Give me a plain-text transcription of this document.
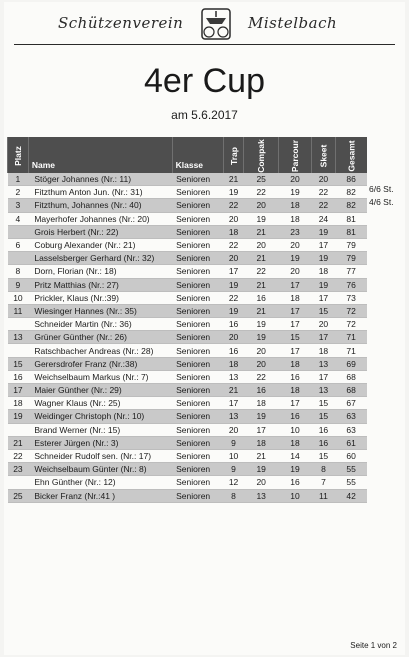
Schützenverein	Mistelbach
4er Cup
am 5.6.2017
Platz	Name	Klasse	Trap	Compak	Parcour	Skeet	Gesamt
1	Stöger Johannes (Nr.: 11)	Senioren	21	25	20	20	86
2	Fitzthum Anton Jun. (Nr.: 31)	Senioren	19	22	19	22	82
3	Fitzthum, Johannes (Nr.: 40)	Senioren	22	20	18	22	82
4	Mayerhofer Johannes (Nr.: 20)	Senioren	20	19	18	24	81
	Grois Herbert (Nr.: 22)	Senioren	18	21	23	19	81
6	Coburg Alexander (Nr.: 21)	Senioren	22	20	20	17	79
	Lasselsberger Gerhard (Nr.: 32)	Senioren	20	21	19	19	79
8	Dorn, Florian (Nr.: 18)	Senioren	17	22	20	18	77
9	Pritz Matthias (Nr.: 27)	Senioren	19	21	17	19	76
10	Prickler, Klaus (Nr.:39)	Senioren	22	16	18	17	73
11	Wiesinger Hannes (Nr.: 35)	Senioren	19	21	17	15	72
	Schneider Martin (Nr.: 36)	Senioren	16	19	17	20	72
13	Grüner Günther (Nr.: 26)	Senioren	20	19	15	17	71
	Ratschbacher Andreas (Nr.: 28)	Senioren	16	20	17	18	71
15	Gerersdrofer Franz (Nr.:38)	Senioren	18	20	18	13	69
16	Weichselbaum Markus (Nr.: 7)	Senioren	13	22	16	17	68
17	Maier Günther (Nr.: 29)	Senioren	21	16	18	13	68
18	Wagner Klaus (Nr.: 25)	Senioren	17	18	17	15	67
19	Weidinger Christoph (Nr.: 10)	Senioren	13	19	16	15	63
	Brand Werner (Nr.: 15)	Senioren	20	17	10	16	63
21	Esterer Jürgen (Nr.: 3)	Senioren	9	18	18	16	61
22	Schneider Rudolf sen. (Nr.: 17)	Senioren	10	21	14	15	60
23	Weichselbaum Günter (Nr.: 8)	Senioren	9	19	19	8	55
	Ehn Günther (Nr.: 12)	Senioren	12	20	16	7	55
25	Bicker Franz (Nr.:41 )	Senioren	8	13	10	11	42
6/6 St.
4/6 St.
Seite 1 von 2
